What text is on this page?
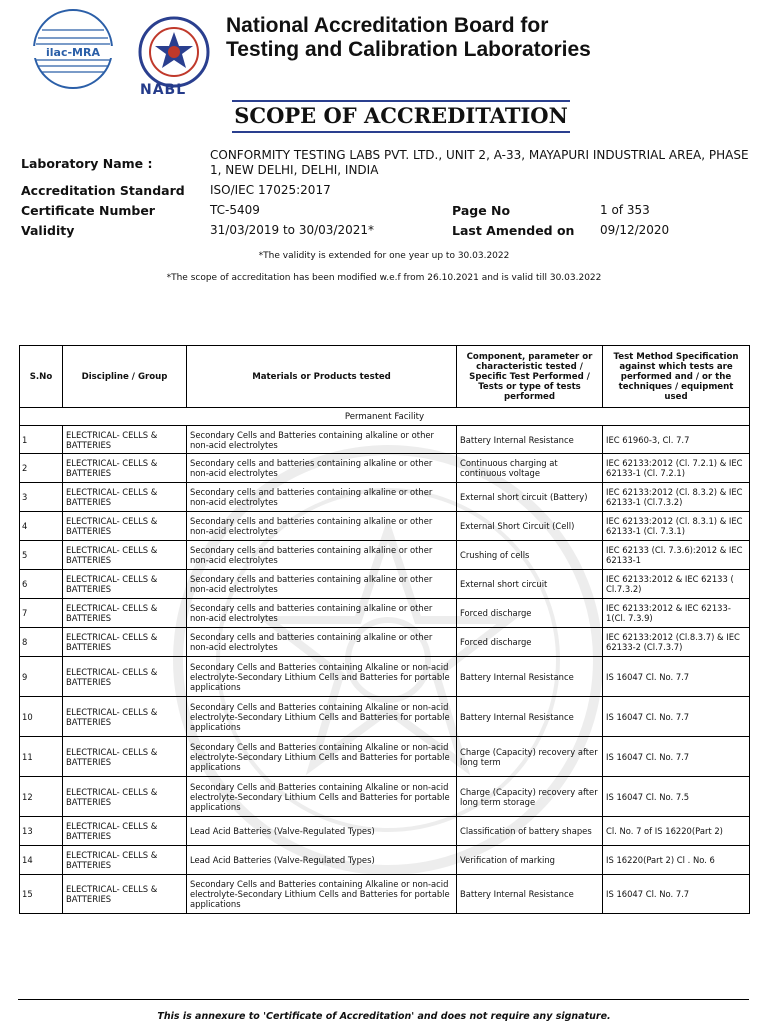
ilac-MRA
NABL
National Accreditation Board for
Testing and Calibration Laboratories
SCOPE OF ACCREDITATION
Laboratory Name :
CONFORMITY TESTING LABS PVT. LTD., UNIT 2, A-33, MAYAPURI INDUSTRIAL AREA, PHASE
1, NEW DELHI, DELHI, INDIA
Accreditation Standard ISO/IEC 17025:2017
Certificate Number	TC-5409	Page No	1 of 353
Validity	31/03/2019 to 30/03/2021*	Last Amended on 09/12/2020
*The validity is extended for one year up to 30.03.2022
*The scope of accreditation has been modified w.e.f from 26.10.2021 and is valid till 30.03.2022
S.No	Discipline / Group	Materials or Products tested	Component, parameter or characteristic tested / Specific Test Performed / Tests or type of tests performed	Test Method Specification against which tests are performed and / or the techniques / equipment used
Permanent Facility				
1	ELECTRICAL- CELLS & BATTERIES	Secondary Cells and Batteries containing alkaline or other non-acid electrolytes	Battery Internal Resistance	IEC 61960-3, Cl. 7.7
2	ELECTRICAL- CELLS & BATTERIES	Secondary cells and batteries containing alkaline or other non-acid electrolytes	Continuous charging at continuous voltage	IEC 62133:2012 (Cl. 7.2.1) & IEC 62133-1 (Cl. 7.2.1)
3	ELECTRICAL- CELLS & BATTERIES	Secondary cells and batteries containing alkaline or other non-acid electrolytes	External short circuit (Battery)	IEC 62133:2012 (Cl. 8.3.2) & IEC 62133-1 (Cl.7.3.2)
4	ELECTRICAL- CELLS & BATTERIES	Secondary cells and batteries containing alkaline or other non-acid electrolytes	External Short Circuit (Cell)	IEC 62133:2012 (Cl. 8.3.1) & IEC 62133-1 (Cl. 7.3.1)
5	ELECTRICAL- CELLS & BATTERIES	Secondary cells and batteries containing alkaline or other non-acid electrolytes	Crushing of cells	IEC 62133 (Cl. 7.3.6):2012 & IEC 62133-1
6	ELECTRICAL- CELLS & BATTERIES	Secondary cells and batteries containing alkaline or other non-acid electrolytes	External short circuit	IEC 62133:2012 & IEC 62133 ( Cl.7.3.2)
7	ELECTRICAL- CELLS & BATTERIES	Secondary cells and batteries containing alkaline or other non-acid electrolytes	Forced discharge	IEC 62133:2012 & IEC 62133-1(Cl. 7.3.9)
8	ELECTRICAL- CELLS & BATTERIES	Secondary cells and batteries containing alkaline or other non-acid electrolytes	Forced discharge	IEC 62133:2012 (Cl.8.3.7) & IEC 62133-2 (Cl.7.3.7)
9	ELECTRICAL- CELLS & BATTERIES	Secondary Cells and Batteries containing Alkaline or non-acid electrolyte-Secondary Lithium Cells and Batteries for portable applications	Battery Internal Resistance	IS 16047 Cl. No. 7.7
10	ELECTRICAL- CELLS & BATTERIES	Secondary Cells and Batteries containing Alkaline or non-acid electrolyte-Secondary Lithium Cells and Batteries for portable applications	Battery Internal Resistance	IS 16047 Cl. No. 7.7
11	ELECTRICAL- CELLS & BATTERIES	Secondary Cells and Batteries containing Alkaline or non-acid electrolyte-Secondary Lithium Cells and Batteries for portable applications	Charge (Capacity) recovery after long term	IS 16047 Cl. No. 7.7
12	ELECTRICAL- CELLS & BATTERIES	Secondary Cells and Batteries containing Alkaline or non-acid electrolyte-Secondary Lithium Cells and Batteries for portable applications	Charge (Capacity) recovery after long term storage	IS 16047 Cl. No. 7.5
13	ELECTRICAL- CELLS & BATTERIES	Lead Acid Batteries (Valve-Regulated Types)	Classification of battery shapes	Cl. No. 7 of IS 16220(Part 2)
14	ELECTRICAL- CELLS & BATTERIES	Lead Acid Batteries (Valve-Regulated Types)	Verification of marking	IS 16220(Part 2) Cl . No. 6
15	ELECTRICAL- CELLS & BATTERIES	Secondary Cells and Batteries containing Alkaline or non-acid electrolyte-Secondary Lithium Cells and Batteries for portable applications	Battery Internal Resistance	IS 16047 Cl. No. 7.7
This is annexure to 'Certificate of Accreditation' and does not require any signature.
